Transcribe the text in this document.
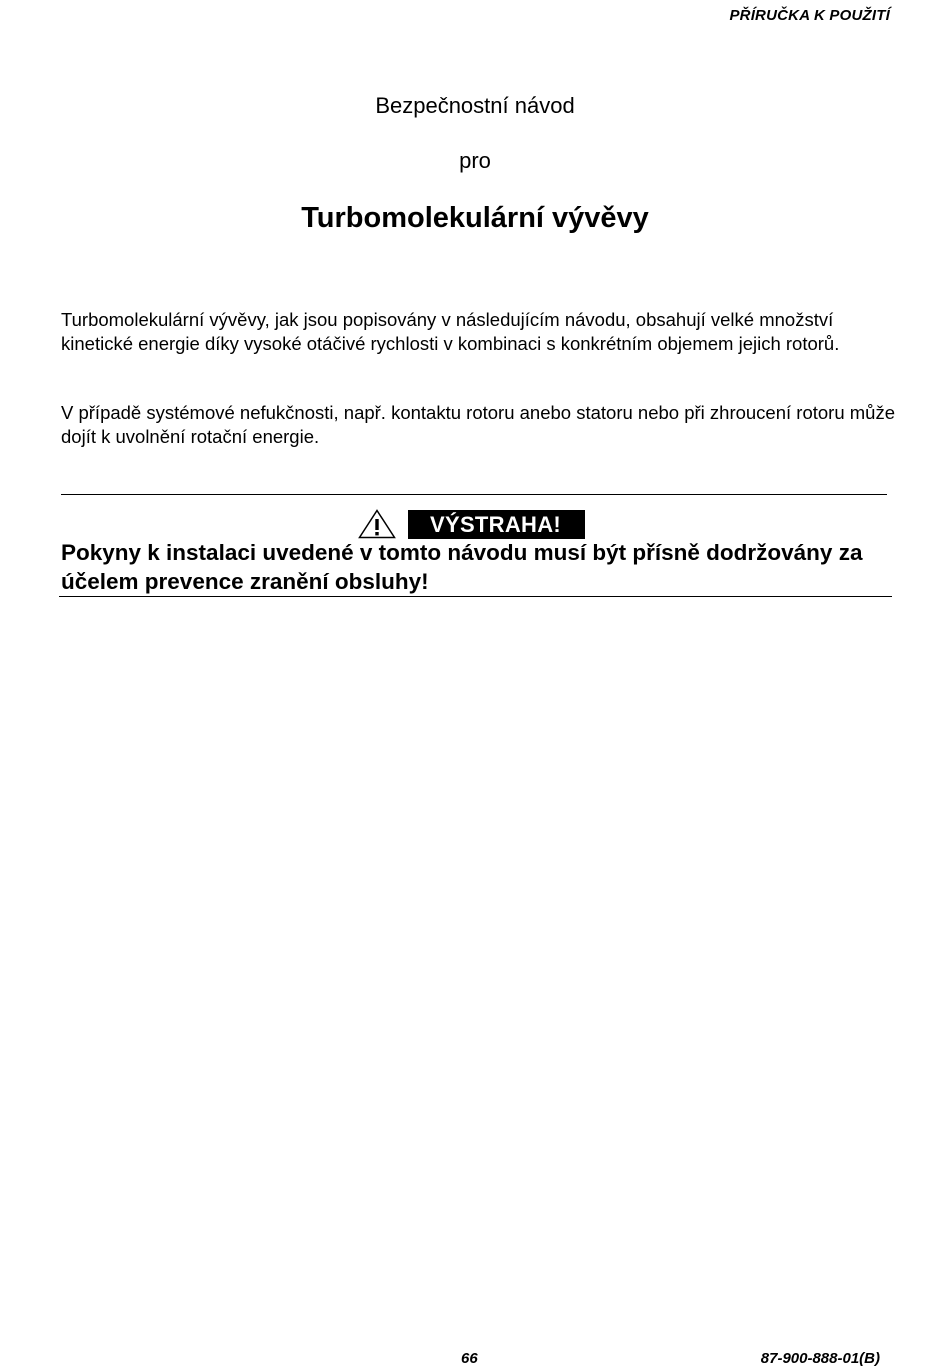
PŘÍRUČKA K POUŽITÍ
Bezpečnostní návod
pro
Turbomolekulární vývěvy

Turbomolekulární vývěvy, jak jsou popisovány v následujícím návodu, obsahují velké množství kinetické energie díky vysoké otáčivé rychlosti v kombinaci s konkrétním objemem jejich rotorů.

V případě systémové nefukčnosti, např. kontaktu rotoru anebo statoru nebo při zhroucení rotoru může dojít k uvolnění rotační energie.

VÝSTRAHA!

Pokyny k instalaci uvedené v tomto návodu musí být přísně dodržovány za účelem prevence zranění obsluhy!

66	87-900-888-01(B)
